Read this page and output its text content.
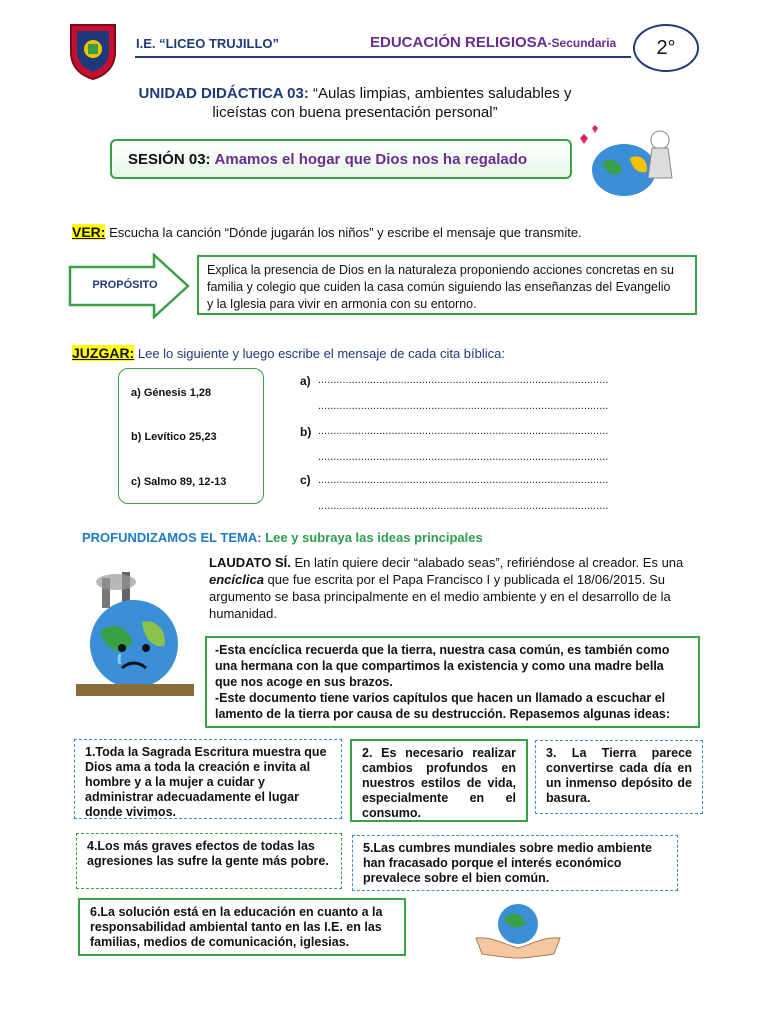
I.E. “LICEO TRUJILLO”	EDUCACIÓN RELIGIOSA-Secundaria	2°
UNIDAD DIDÁCTICA 03: “Aulas limpias, ambientes saludables y
liceístas con buena presentación personal”
SESIÓN 03: Amamos el hogar que Dios nos ha regalado
VER: Escucha la canción “Dónde jugarán los niños” y escribe el mensaje que transmite.
PROPÓSITO
Explica la presencia de Dios en la naturaleza proponiendo acciones concretas en su
familia y colegio que cuiden la casa común siguiendo las enseñanzas del Evangelio
y la Iglesia para vivir en armonía con su entorno.
JUZGAR: Lee lo siguiente y luego escribe el mensaje de cada cita bíblica:
a) Génesis 1,28
b) Levítico 25,23
c) Salmo 89, 12-13
a) ...............................................................................................
...............................................................................................
b) ...............................................................................................
...............................................................................................
c) ...............................................................................................
...............................................................................................
PROFUNDIZAMOS EL TEMA: Lee y subraya las ideas principales
LAUDATO SÍ. En latín quiere decir “alabado seas”, refiriéndose al creador. Es una
encíclica que fue escrita por el Papa Francisco I y publicada el 18/06/2015. Su
argumento se basa principalmente en el medio ambiente y en el desarrollo de la
humanidad.
-Esta encíclica recuerda que la tierra, nuestra casa común, es también como
una hermana con la que compartimos la existencia y como una madre bella
que nos acoge en sus brazos.
-Este documento tiene varios capítulos que hacen un llamado a escuchar el
lamento de la tierra por causa de su destrucción. Repasemos algunas ideas:
1.Toda la Sagrada Escritura muestra que Dios ama a toda la creación e invita al hombre y a la mujer a cuidar y administrar adecuadamente el lugar donde vivimos.
2. Es necesario realizar cambios profundos en nuestros estilos de vida, especialmente en el consumo.
3. La Tierra parece convertirse cada día en un inmenso depósito de basura.
4.Los más graves efectos de todas las agresiones las sufre la gente más pobre.
5.Las cumbres mundiales sobre medio ambiente han fracasado porque el interés económico prevalece sobre el bien común.
6.La solución está en la educación en cuanto a la responsabilidad ambiental tanto en las I.E. en las familias, medios de comunicación, iglesias.
